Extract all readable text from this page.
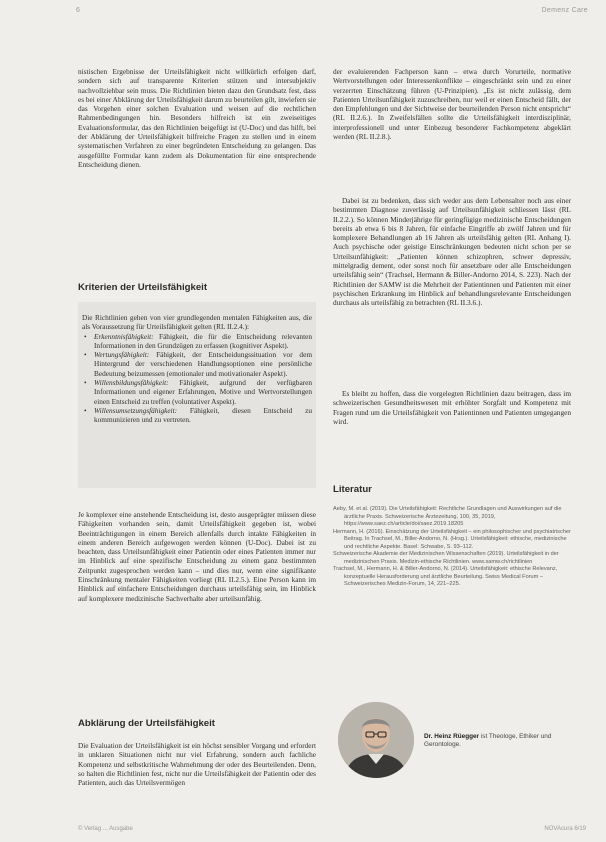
6	Demenz Care

nistischen Ergebnisse der Urteilsfähigkeit nicht willkürlich erfolgen darf, sondern sich auf transparente Kriterien stützen und intersubjektiv nachvollziehbar sein muss. Die Richtlinien bieten dazu den Grundsatz fest, dass es bei einer Abklärung der Urteilsfähigkeit darum zu beurteilen gilt, inwiefern sie das Vorgehen einer solchen Evaluation und weisen auf die rechtlichen Rahmenbedingungen hin. Besonders hilfreich ist ein zweiseitiges Evaluationsformular, das den Richtlinien beigefügt ist (U-Doc) und das hilft, bei der Abklärung der Urteilsfähigkeit hilfreiche Fragen zu stellen und in einem systematischen Verfahren zu einer begründeten Entscheidung zu gelangen. Das ausgefüllte Formular kann zudem als Dokumentation für eine entsprechende Entscheidung dienen.

Kriterien der Urteilsfähigkeit

Die Richtlinien gehen von vier grundlegenden mentalen Fähigkeiten aus, die als Voraussetzung für Urteilsfähigkeit gelten (RL II.2.4.):

• Erkenntnisfähigkeit: Fähigkeit, die für die Entscheidung relevanten Informationen in den Grundzügen zu erfassen (kognitiver Aspekt).
• Wertungsfähigkeit: Fähigkeit, der Entscheidungssituation vor dem Hintergrund der verschiedenen Handlungsoptionen eine persönliche Bedeutung beizumessen (emotionaler und motivationaler Aspekt).
• Willensbildungsfähigkeit: Fähigkeit, aufgrund der verfügbaren Informationen und eigener Erfahrungen, Motive und Wertvorstellungen einen Entscheid zu treffen (voluntativer Aspekt).
• Willensumsetzungsfähigkeit: Fähigkeit, diesen Entscheid zu kommunizieren und zu vertreten.

Je komplexer eine anstehende Entscheidung ist, desto ausgeprägter müssen diese Fähigkeiten vorhanden sein, damit Urteilsfähigkeit gegeben ist, wobei Beeinträchtigungen in einem Bereich allenfalls durch intakte Fähigkeiten in einem anderen Bereich aufgewogen werden können (U-Doc). Dabei ist zu beachten, dass Urteilsunfähigkeit einer Patientin oder eines Patienten immer nur im Hinblick auf eine spezifische Entscheidung zu einem ganz bestimmten Zeitpunkt zugesprochen werden kann – und dies nur, wenn eine signifikante Einschränkung mentaler Fähigkeiten vorliegt (RL II.2.5.). Eine Person kann im Hinblick auf einfachere Entscheidungen durchaus urteilsfähig sein, im Hinblick auf komplexere medizinische Sachverhalte aber urteilsunfähig.

Abklärung der Urteilsfähigkeit

Die Evaluation der Urteilsfähigkeit ist ein höchst sensibler Vorgang und erfordert in unklaren Situationen nicht nur viel Erfahrung, sondern auch fachliche Kompetenz und selbstkritische Wahrnehmung der oder des Beurteilenden. Denn, so halten die Richtlinien fest, nicht nur die Urteilsfähigkeit der Patientin oder des Patienten, auch das Urteilsvermögen

der evaluierenden Fachperson kann – etwa durch Vorurteile, normative Wertvorstellungen oder Interessenkonflikte – eingeschränkt sein und zu einer verzerrten Einschätzung führen (U-Prinzipien). „Es ist nicht zulässig, dem Patienten Urteilsunfähigkeit zuzuschreiben, nur weil er einen Entscheid fällt, der den Empfehlungen und der Sichtweise der beurteilenden Person nicht entspricht“ (RL II.2.6.). In Zweifelsfällen sollte die Urteilsfähigkeit interdisziplinär, interprofessionell und unter Einbezug besonderer Fachkompetenz abgeklärt werden (RL II.2.8.).

Dabei ist zu bedenken, dass sich weder aus dem Lebensalter noch aus einer bestimmten Diagnose zuverlässig auf Urteilsunfähigkeit schliessen lässt (RL II.2.2.). So können Minderjährige für geringfügige medizinische Entscheidungen bereits ab etwa 6 bis 8 Jahren, für einfache Eingriffe ab zwölf Jahren und für komplexere Behandlungen ab 16 Jahren als urteilsfähig gelten (RL Anhang I). Auch psychische oder geistige Einschränkungen bedeuten nicht schon per se Urteilsunfähigkeit: „Patienten können schizophren, schwer depressiv, mittelgradig dement, oder sonst noch für ansetzbare oder alle Entscheidungen urteilsfähig sein“ (Trachsel, Hermann & Biller-Andorno 2014, S. 223). Nach der Richtlinien der SAMW ist die Mehrheit der Patientinnen und Patienten mit einer psychischen Erkrankung im Hinblick auf behandlungsrelevante Entscheidungen durchaus als urteilsfähig zu betrachten (RL II.3.6.).

Es bleibt zu hoffen, dass die vorgelegten Richtlinien dazu beitragen, dass im schweizerischen Gesundheitswesen mit erhöhter Sorgfalt und Kompetenz mit Fragen rund um die Urteilsfähigkeit von Patientinnen und Patienten umgegangen wird.

Literatur

Aeby, M. et al. (2019). Die Urteilsfähigkeit: Rechtliche Grundlagen und Auswirkungen auf die ärztliche Praxis. Schweizerische Ärztezeitung, 100, 35, 2019, https://www.saez.ch/article/doi/saez.2019.18205

Hermann, H. (2016). Einschätzung der Urteilsfähigkeit – ein philosophischer und psychiatrischer Beitrag. In Trachsel, M., Biller-Andorno, N. (Hrsg.). Urteilsfähigkeit: ethische, medizinische und rechtliche Aspekte. Basel: Schwabe, S. 93–112.

Schweizerische Akademie der Medizinischen Wissenschaften (2019). Urteilsfähigkeit in der medizinischen Praxis. Medizin-ethische Richtlinien. www.samw.ch/richtlinien

Trachsel, M., Hermann, H. & Biller-Andorno, N. (2014). Urteilsfähigkeit: ethische Relevanz, konzeptuelle Herausforderung und ärztliche Beurteilung. Swiss Medical Forum – Schweizerisches Medizin-Forum, 14, 221–225.

Dr. Heinz Rüegger ist Theologe, Ethiker und Gerontologe.
© Verlag ... Ausgabe	NOVAcura 6/19
